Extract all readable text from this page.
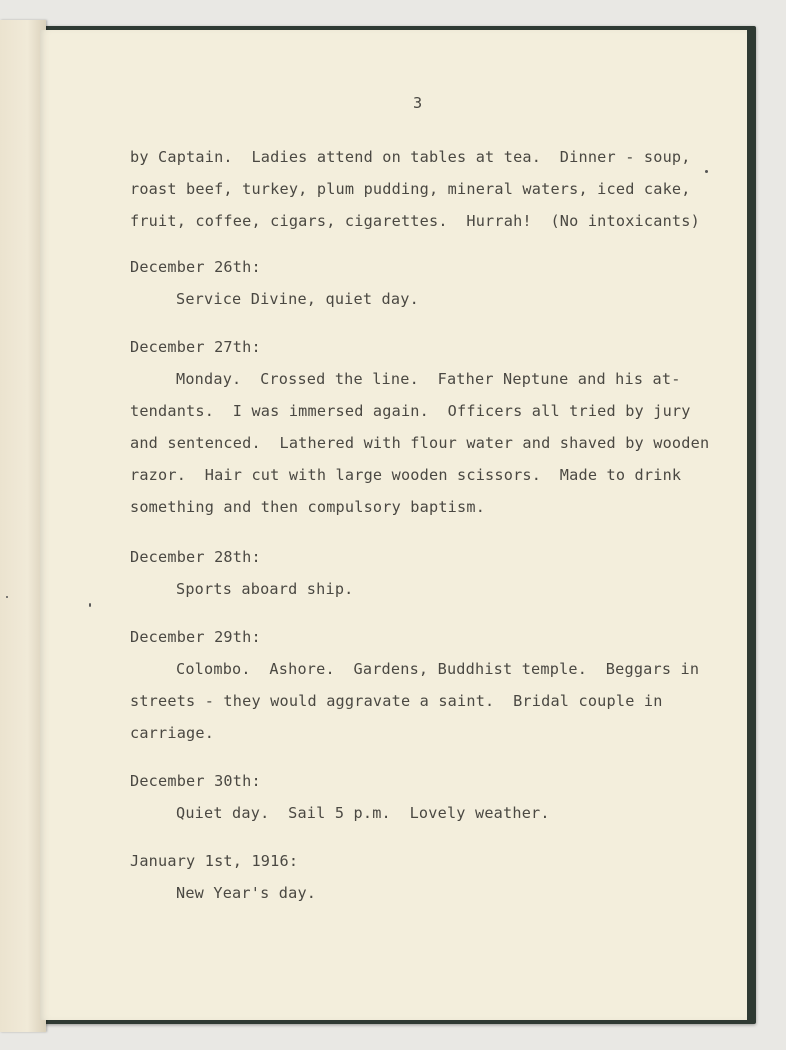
3

by Captain.  Ladies attend on tables at tea.  Dinner - soup,

roast beef, turkey, plum pudding, mineral waters, iced cake,

fruit, coffee, cigars, cigarettes.  Hurrah!  (No intoxicants)

December 26th:

Service Divine, quiet day.

December 27th:

Monday.  Crossed the line.  Father Neptune and his at-

tendants.  I was immersed again.  Officers all tried by jury

and sentenced.  Lathered with flour water and shaved by wooden

razor.  Hair cut with large wooden scissors.  Made to drink

something and then compulsory baptism.

December 28th:

Sports aboard ship.

December 29th:

Colombo.  Ashore.  Gardens, Buddhist temple.  Beggars in

streets - they would aggravate a saint.  Bridal couple in

carriage.

December 30th:

Quiet day.  Sail 5 p.m.  Lovely weather.

January 1st, 1916:

New Year's day.
